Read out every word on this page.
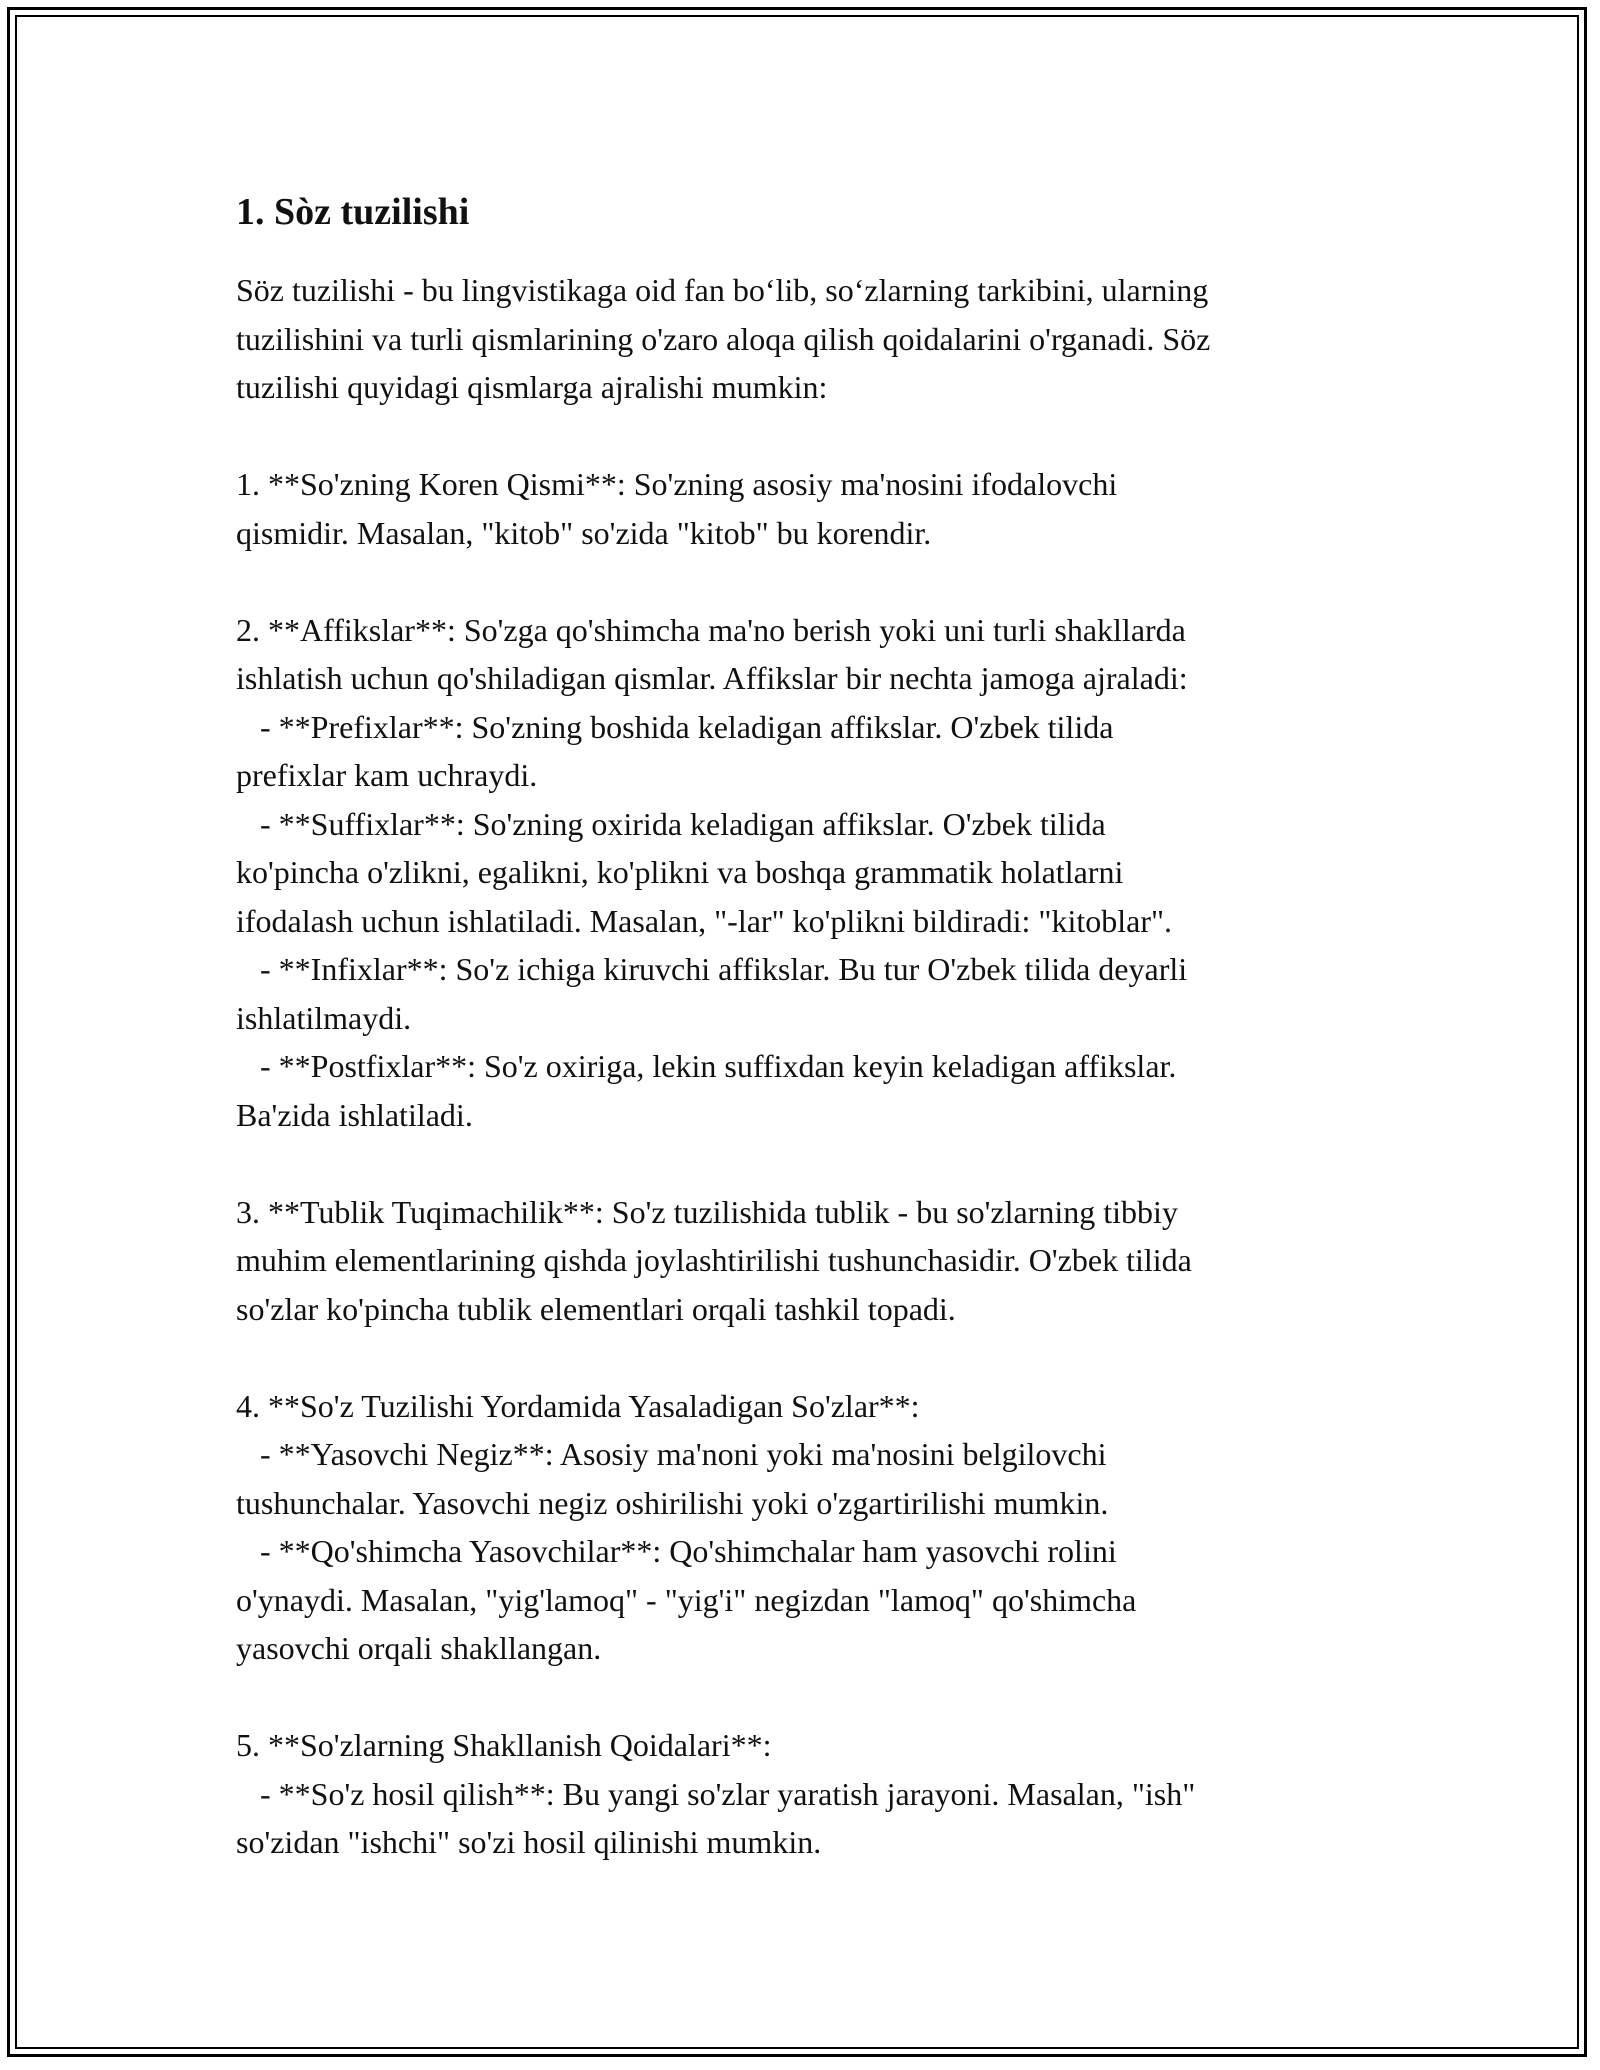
1. Sòz tuzilishi
Söz tuzilishi - bu lingvistikaga oid fan bo‘lib, so‘zlarning tarkibini, ularning
tuzilishini va turli qismlarining o'zaro aloqa qilish qoidalarini o'rganadi. Söz
tuzilishi quyidagi qismlarga ajralishi mumkin:
1. **So'zning Koren Qismi**: So'zning asosiy ma'nosini ifodalovchi
qismidir. Masalan, "kitob" so'zida "kitob" bu korendir.
2. **Affikslar**: So'zga qo'shimcha ma'no berish yoki uni turli shakllarda
ishlatish uchun qo'shiladigan qismlar. Affikslar bir nechta jamoga ajraladi:
- **Prefixlar**: So'zning boshida keladigan affikslar. O'zbek tilida
prefixlar kam uchraydi.
- **Suffixlar**: So'zning oxirida keladigan affikslar. O'zbek tilida
ko'pincha o'zlikni, egalikni, ko'plikni va boshqa grammatik holatlarni
ifodalash uchun ishlatiladi. Masalan, "-lar" ko'plikni bildiradi: "kitoblar".
- **Infixlar**: So'z ichiga kiruvchi affikslar. Bu tur O'zbek tilida deyarli
ishlatilmaydi.
- **Postfixlar**: So'z oxiriga, lekin suffixdan keyin keladigan affikslar.
Ba'zida ishlatiladi.
3. **Tublik Tuqimachilik**: So'z tuzilishida tublik - bu so'zlarning tibbiy
muhim elementlarining qishda joylashtirilishi tushunchasidir. O'zbek tilida
so'zlar ko'pincha tublik elementlari orqali tashkil topadi.
4. **So'z Tuzilishi Yordamida Yasaladigan So'zlar**:
- **Yasovchi Negiz**: Asosiy ma'noni yoki ma'nosini belgilovchi
tushunchalar. Yasovchi negiz oshirilishi yoki o'zgartirilishi mumkin.
- **Qo'shimcha Yasovchilar**: Qo'shimchalar ham yasovchi rolini
o'ynaydi. Masalan, "yig'lamoq" - "yig'i" negizdan "lamoq" qo'shimcha
yasovchi orqali shakllangan.
5. **So'zlarning Shakllanish Qoidalari**:
- **So'z hosil qilish**: Bu yangi so'zlar yaratish jarayoni. Masalan, "ish"
so'zidan "ishchi" so'zi hosil qilinishi mumkin.
